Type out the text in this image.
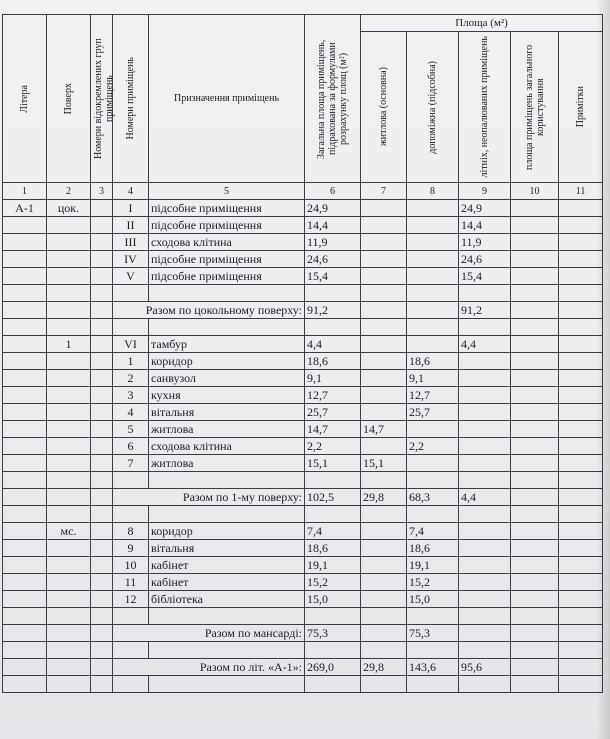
Літера	Поверх	Номери відокремлених груп приміщень	Номери приміщень	Призначення приміщень	Загальна площа приміщень, підрахована за формулами розрахунку площ (м²)	Площа (м²)				

						житлова (основна)	допоміжна (підсобна)	літніх, неопалюваних приміщень	площа приміщень загального користування	Примітки

1	2	3	4	5	6	7	8	9	10	11
А-1	цок.		I	підсобне приміщення	24,9			24,9		
			II	підсобне приміщення	14,4			14,4		
			III	сходова клітина	11,9			11,9		
			IV	підсобне приміщення	24,6			24,6		
			V	підсобне приміщення	15,4			15,4		

			Разом по цокольному поверху:		91,2			91,2		

	1		VI	тамбур	4,4			4,4		
			1	коридор	18,6		18,6			
			2	санвузол	9,1		9,1			
			3	кухня	12,7		12,7			
			4	вітальня	25,7		25,7			
			5	житлова	14,7	14,7				
			6	сходова клітина	2,2		2,2			
			7	житлова	15,1	15,1				

			Разом по 1-му поверху:		102,5	29,8	68,3	4,4		

	мс.		8	коридор	7,4		7,4			
			9	вітальня	18,6		18,6			
			10	кабінет	19,1		19,1			
			11	кабінет	15,2		15,2			
			12	бібліотека	15,0		15,0			

			Разом по мансарді:		75,3		75,3			

			Разом по літ. «А-1»:		269,0	29,8	143,6	95,6		
